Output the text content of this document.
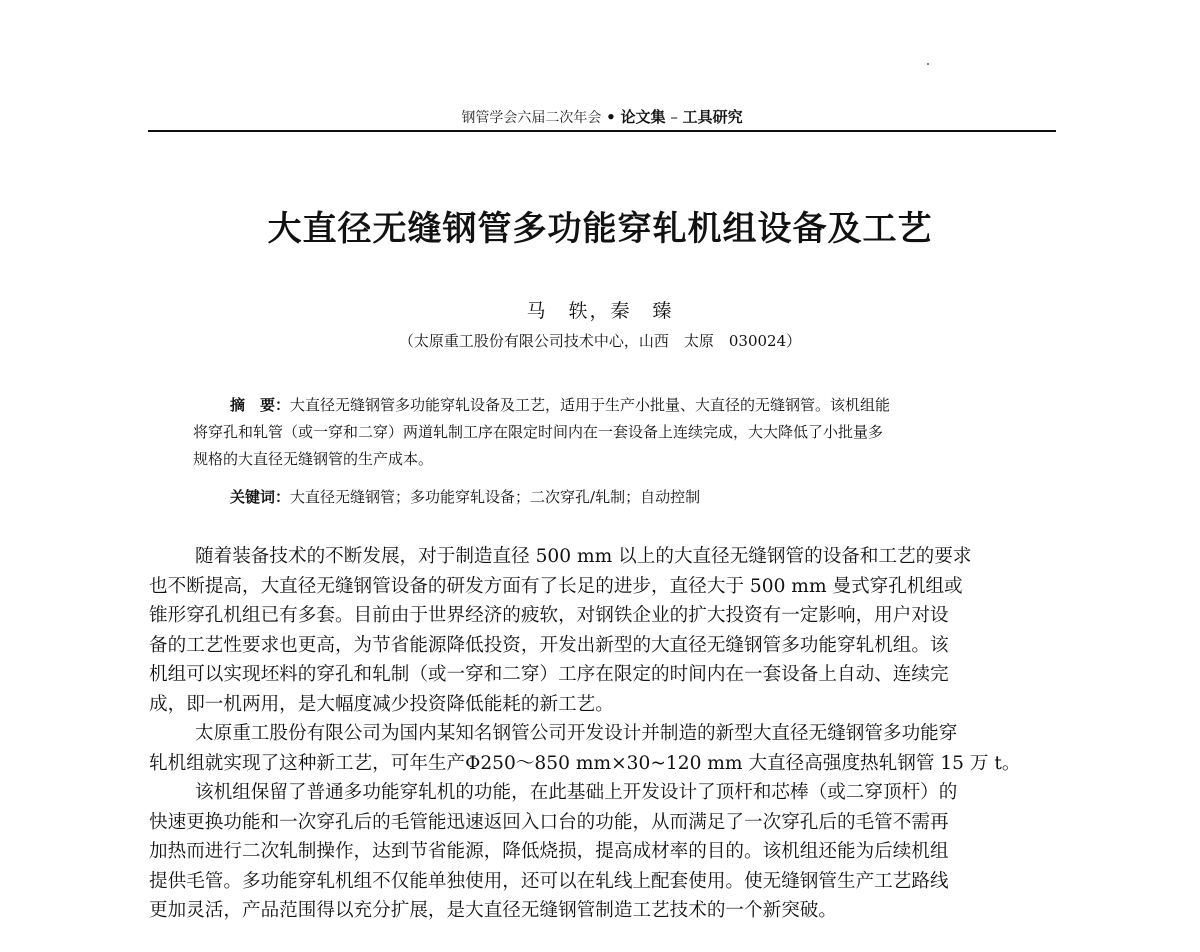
钢管学会六届二次年会 • 论文集 – 工具研究
大直径无缝钢管多功能穿轧机组设备及工艺
马　轶，秦　臻
（太原重工股份有限公司技术中心，山西　太原　030024）
摘　要：大直径无缝钢管多功能穿轧设备及工艺，适用于生产小批量、大直径的无缝钢管。该机组能
将穿孔和轧管（或一穿和二穿）两道轧制工序在限定时间内在一套设备上连续完成，大大降低了小批量多
规格的大直径无缝钢管的生产成本。
关键词：大直径无缝钢管；多功能穿轧设备；二次穿孔/轧制；自动控制
随着装备技术的不断发展，对于制造直径 500 mm 以上的大直径无缝钢管的设备和工艺的要求
也不断提高，大直径无缝钢管设备的研发方面有了长足的进步，直径大于 500 mm 曼式穿孔机组或
锥形穿孔机组已有多套。目前由于世界经济的疲软，对钢铁企业的扩大投资有一定影响，用户对设
备的工艺性要求也更高，为节省能源降低投资，开发出新型的大直径无缝钢管多功能穿轧机组。该
机组可以实现坯料的穿孔和轧制（或一穿和二穿）工序在限定的时间内在一套设备上自动、连续完
成，即一机两用，是大幅度减少投资降低能耗的新工艺。
太原重工股份有限公司为国内某知名钢管公司开发设计并制造的新型大直径无缝钢管多功能穿
轧机组就实现了这种新工艺，可年生产Φ250～850 mm×30~120 mm 大直径高强度热轧钢管 15 万 t。
该机组保留了普通多功能穿轧机的功能，在此基础上开发设计了顶杆和芯棒（或二穿顶杆）的
快速更换功能和一次穿孔后的毛管能迅速返回入口台的功能，从而满足了一次穿孔后的毛管不需再
加热而进行二次轧制操作，达到节省能源，降低烧损，提高成材率的目的。该机组还能为后续机组
提供毛管。多功能穿轧机组不仅能单独使用，还可以在轧线上配套使用。使无缝钢管生产工艺路线
更加灵活，产品范围得以充分扩展，是大直径无缝钢管制造工艺技术的一个新突破。
